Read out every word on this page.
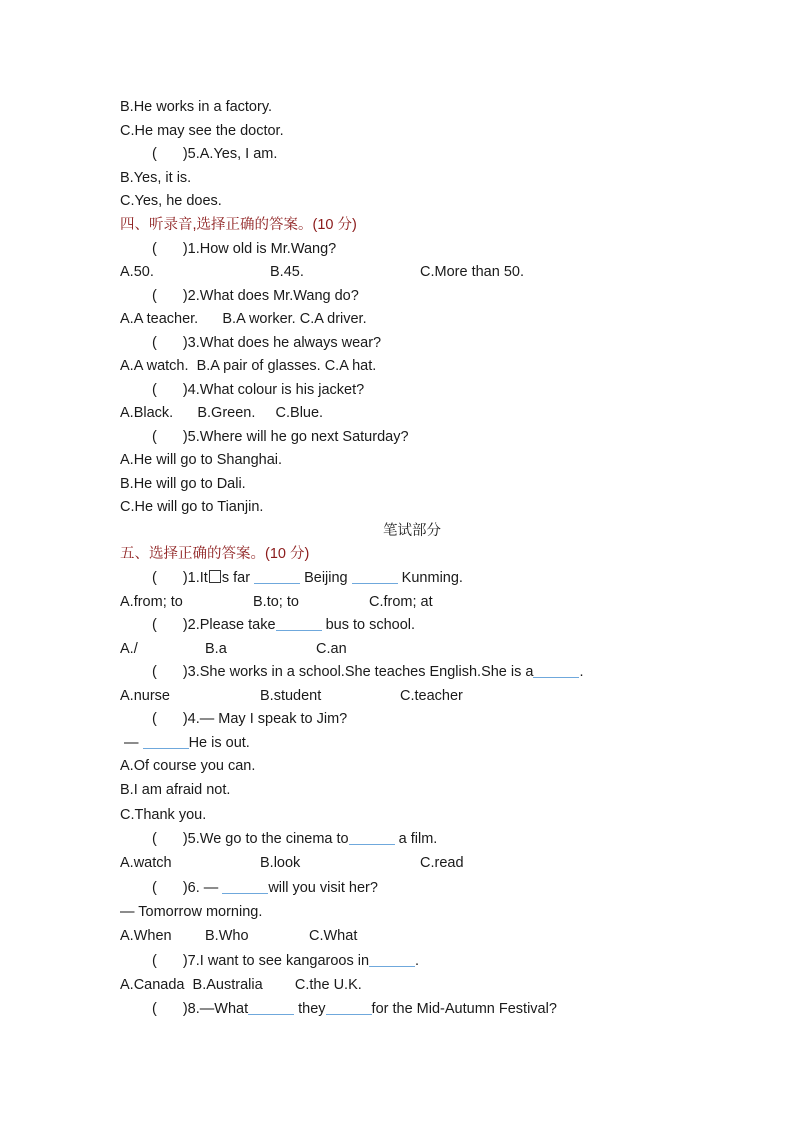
B.He works in a factory.
C.He may see the doctor.
( )5.A.Yes, I am.
B.Yes, it is.
C.Yes, he does.
四、听录音,选择正确的答案。(10 分)
( )1.How old is Mr.Wang?
A.50.	B.45.	C.More than 50.
( )2.What does Mr.Wang do?
A.A teacher.      B.A worker. C.A driver.
( )3.What does he always wear?
A.A watch.  B.A pair of glasses. C.A hat.
( )4.What colour is his jacket?
A.Black.      B.Green.     C.Blue.
( )5.Where will he go next Saturday?
A.He will go to Shanghai.
B.He will go to Dali.
C.He will go to Tianjin.
笔试部分
五、选择正确的答案。(10 分)
( )1.It s far	Beijing	Kunming.
A.from; to	B.to; to	C.from; at
( )2.Please take	bus to school.
A./	B.a	C.an
( )3.She works in a school.She teaches English.She is a	.
A.nurse	B.student	C.teacher
( )4.— May I speak to Jim?
—	He is out.
A.Of course you can.
B.I am afraid not.
C.Thank you.
( )5.We go to the cinema to	a film.
A.watch	B.look	C.read
( )6. —	will you visit her?
— Tomorrow morning.
A.When B.Who	C.What
( )7.I want to see kangaroos in	.
A.Canada  B.Australia        C.the U.K.
( )8.—What	they	for the Mid-Autumn Festival?
